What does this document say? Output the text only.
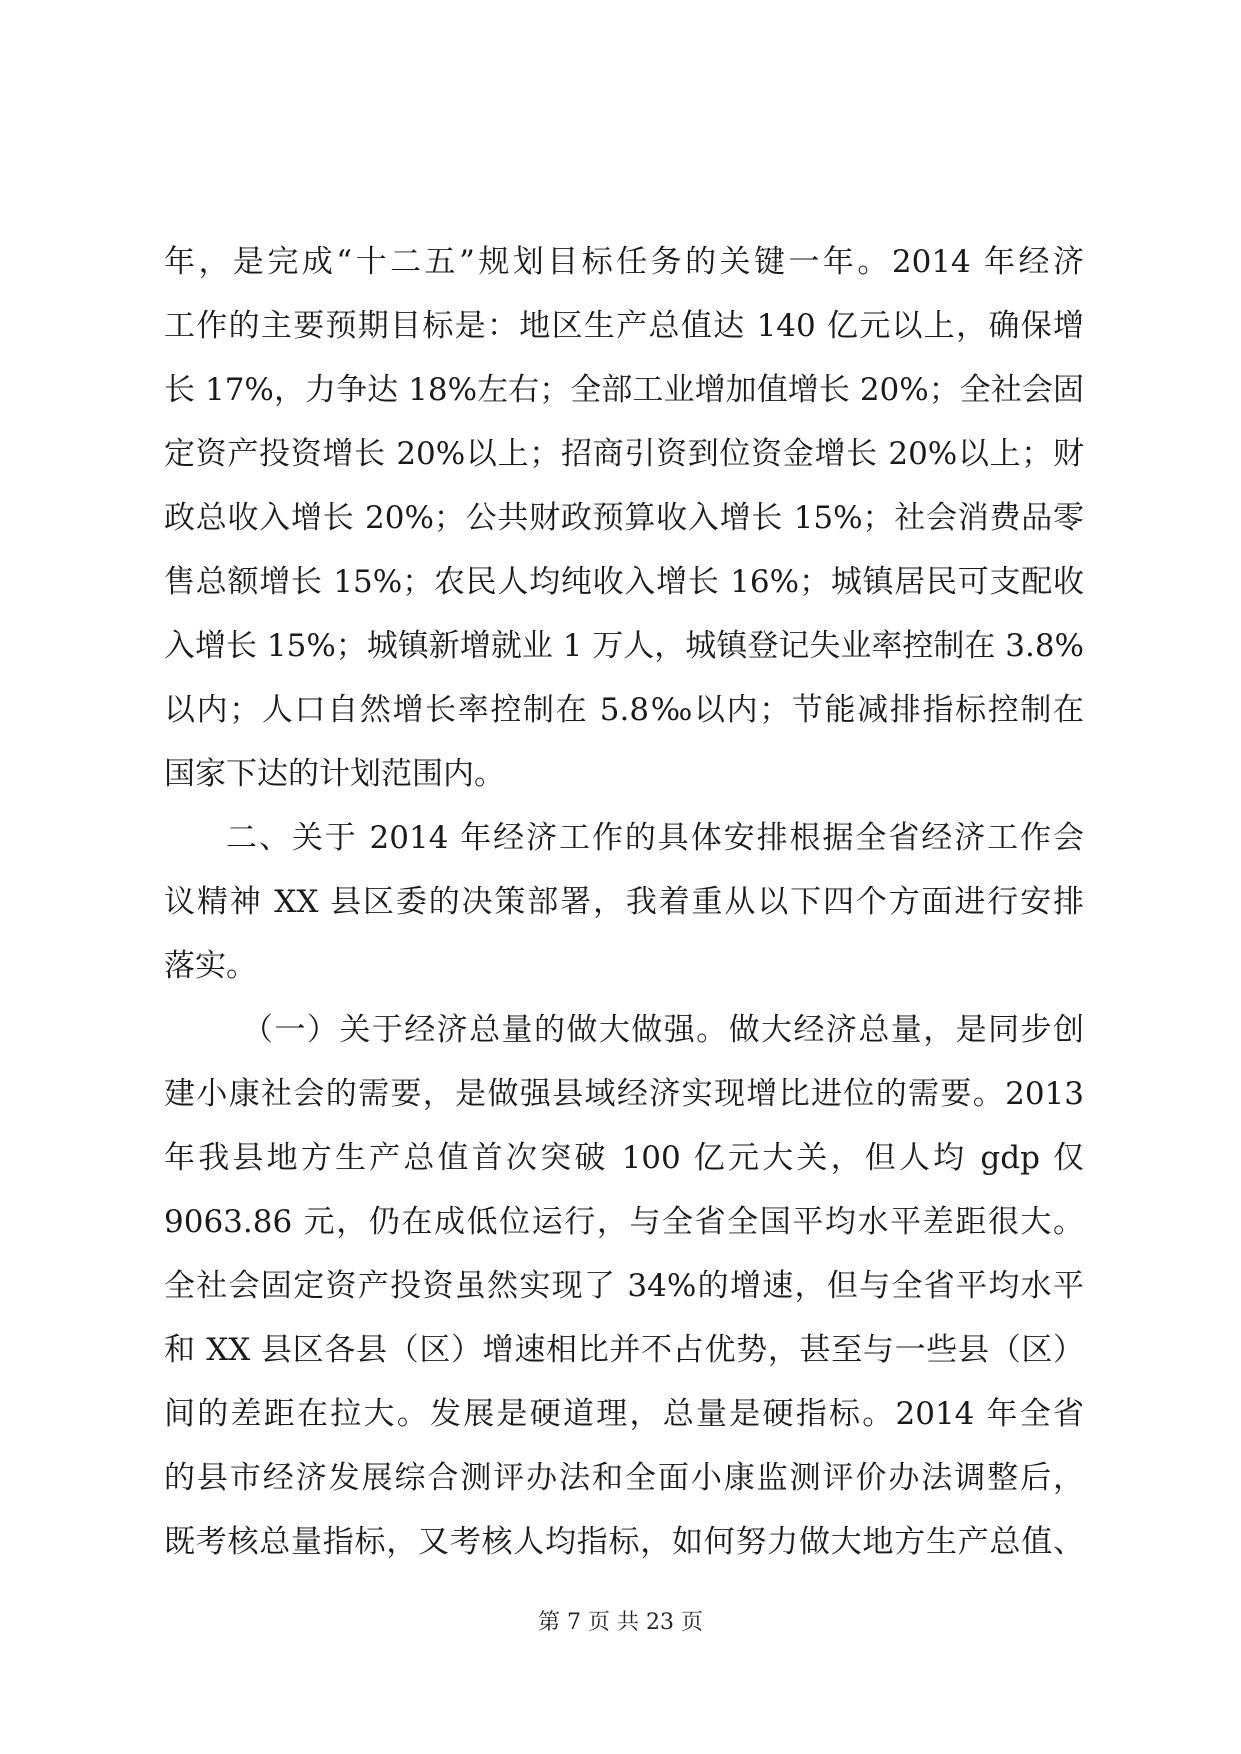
年，是完成“十二五”规划目标任务的关键一年。2014 年经济
工作的主要预期目标是：地区生产总值达 140 亿元以上，确保增
长 17%，力争达 18%左右；全部工业增加值增长 20%；全社会固
定资产投资增长 20%以上；招商引资到位资金增长 20%以上；财
政总收入增长 20%；公共财政预算收入增长 15%；社会消费品零
售总额增长 15%；农民人均纯收入增长 16%；城镇居民可支配收
入增长 15%；城镇新增就业 1 万人，城镇登记失业率控制在 3.8%
以内；人口自然增长率控制在 5.8‰以内；节能减排指标控制在
国家下达的计划范围内。
二、关于 2014 年经济工作的具体安排根据全省经济工作会
议精神 XX 县区委的决策部署，我着重从以下四个方面进行安排
落实。
（一）关于经济总量的做大做强。做大经济总量，是同步创
建小康社会的需要，是做强县域经济实现增比进位的需要。2013
年我县地方生产总值首次突破 100 亿元大关，但人均 gdp 仅
9063.86 元，仍在成低位运行，与全省全国平均水平差距很大。
全社会固定资产投资虽然实现了 34%的增速，但与全省平均水平
和 XX 县区各县（区）增速相比并不占优势，甚至与一些县（区）
间的差距在拉大。发展是硬道理，总量是硬指标。2014 年全省
的县市经济发展综合测评办法和全面小康监测评价办法调整后，
既考核总量指标，又考核人均指标，如何努力做大地方生产总值、
第 7 页 共 23 页
